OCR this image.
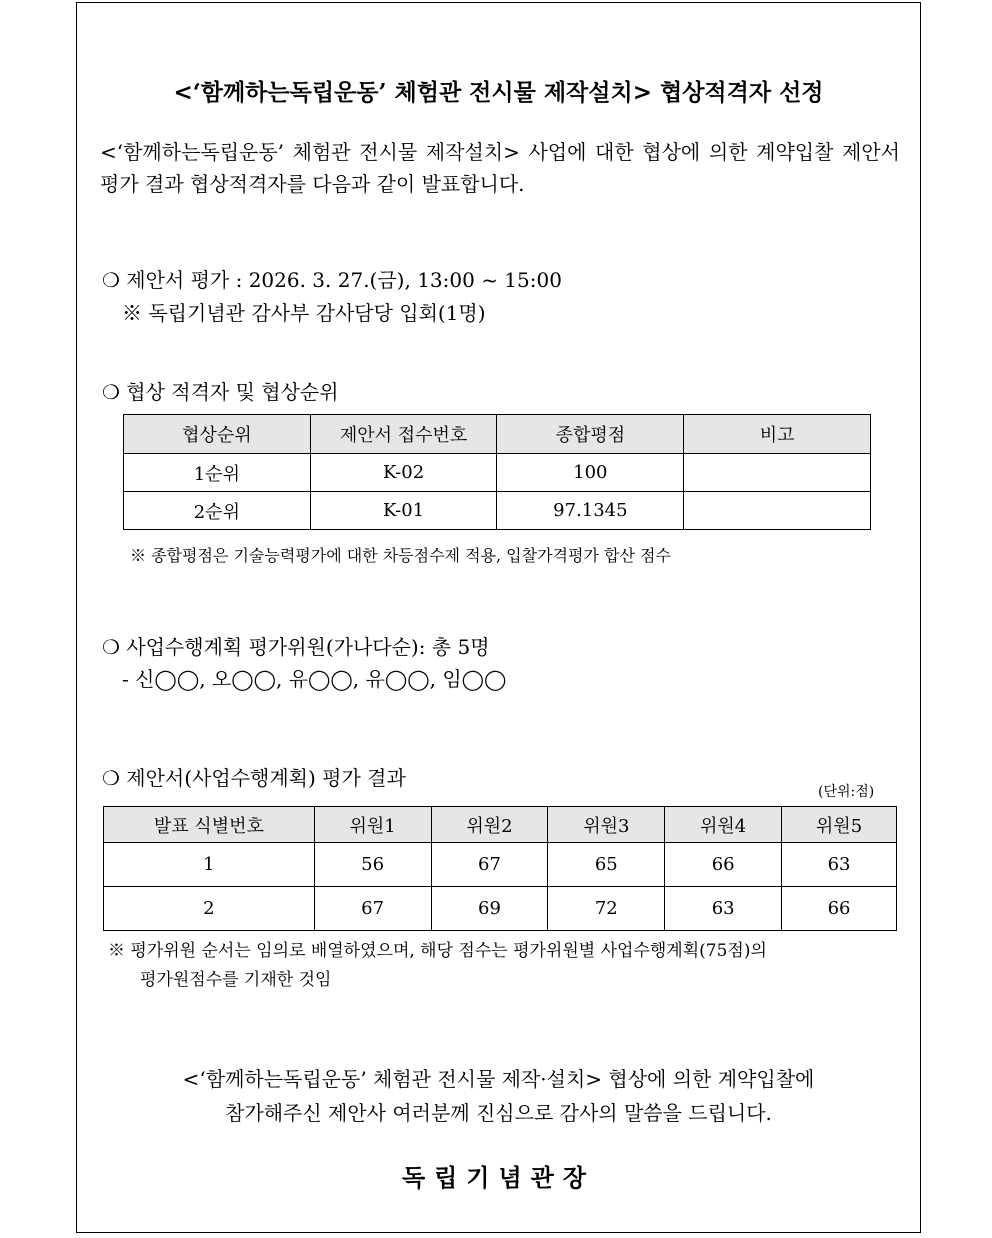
<‘함께하는독립운동’ 체험관 전시물 제작설치> 협상적격자 선정
<‘함께하는독립운동’ 체험관 전시물 제작설치> 사업에 대한 협상에 의한 계약입찰 제안서 평가 결과 협상적격자를 다음과 같이 발표합니다.
❍ 제안서 평가 : 2026. 3. 27.(금), 13:00 ~ 15:00
※ 독립기념관 감사부 감사담당 입회(1명)
❍ 협상 적격자 및 협상순위
협상순위	제안서 접수번호	종합평점	비고
1순위	K-02	100	
2순위	K-01	97.1345	
※ 종합평점은 기술능력평가에 대한 차등점수제 적용, 입찰가격평가 합산 점수
❍ 사업수행계획 평가위원(가나다순): 총 5명
- 신◯◯, 오◯◯, 유◯◯, 유◯◯, 임◯◯
❍ 제안서(사업수행계획) 평가 결과
(단위:점)
발표 식별번호	위원1	위원2	위원3	위원4	위원5
1	56	67	65	66	63
2	67	69	72	63	66
※ 평가위원 순서는 임의로 배열하였으며, 해당 점수는 평가위원별 사업수행계획(75점)의
평가원점수를 기재한 것임
<‘함께하는독립운동’ 체험관 전시물 제작·설치> 협상에 의한 계약입찰에
참가해주신 제안사 여러분께 진심으로 감사의 말씀을 드립니다.
독립기념관장
